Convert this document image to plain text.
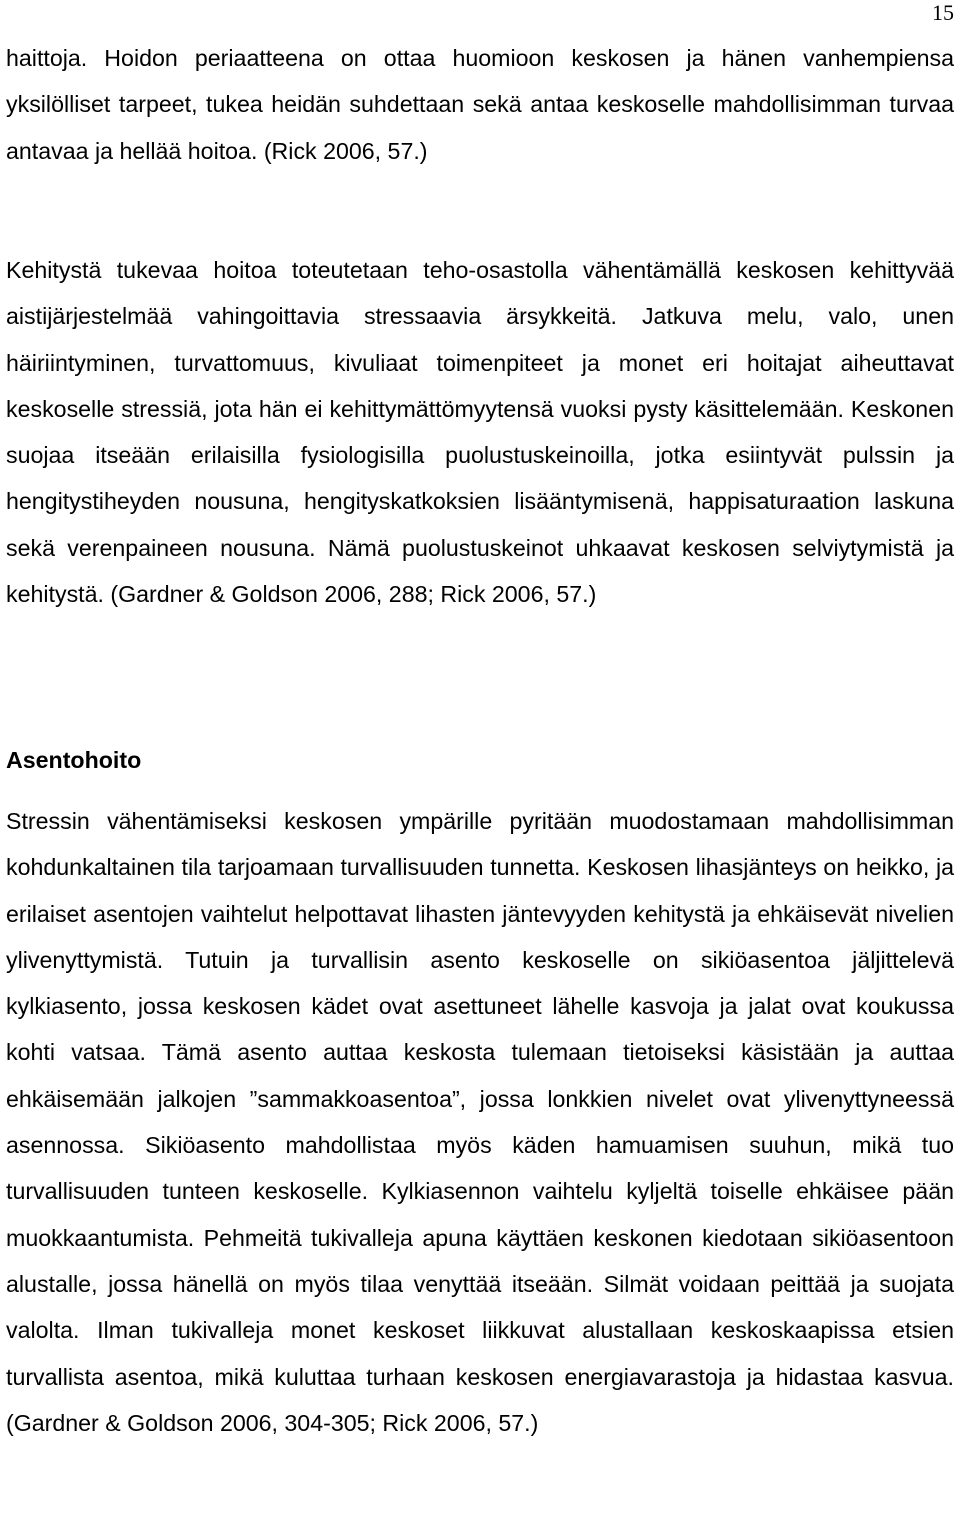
15

haittoja. Hoidon periaatteena on ottaa huomioon keskosen ja hänen vanhempiensa yksilölliset tarpeet, tukea heidän suhdettaan sekä antaa keskoselle mahdollisimman turvaa antavaa ja hellää hoitoa. (Rick 2006, 57.)

Kehitystä tukevaa hoitoa toteutetaan teho-osastolla vähentämällä keskosen kehittyvää aistijärjestelmää vahingoittavia stressaavia ärsykkeitä. Jatkuva melu, valo, unen häiriintyminen, turvattomuus, kivuliaat toimenpiteet ja monet eri hoitajat aiheuttavat keskoselle stressiä, jota hän ei kehittymättömyytensä vuoksi pysty käsittelemään. Keskonen suojaa itseään erilaisilla fysiologisilla puolustuskeinoilla, jotka esiintyvät pulssin ja hengitystiheyden nousuna, hengityskatkoksien lisääntymisenä, happisaturaation laskuna sekä verenpaineen nousuna. Nämä puolustuskeinot uhkaavat keskosen selviytymistä ja kehitystä. (Gardner & Goldson 2006, 288; Rick 2006, 57.)

Asentohoito

Stressin vähentämiseksi keskosen ympärille pyritään muodostamaan mahdollisimman kohdunkaltainen tila tarjoamaan turvallisuuden tunnetta. Keskosen lihasjänteys on heikko, ja erilaiset asentojen vaihtelut helpottavat lihasten jäntevyyden kehitystä ja ehkäisevät nivelien ylivenyttymistä. Tutuin ja turvallisin asento keskoselle on sikiöasentoa jäljittelevä kylkiasento, jossa keskosen kädet ovat asettuneet lähelle kasvoja ja jalat ovat koukussa kohti vatsaa. Tämä asento auttaa keskosta tulemaan tietoiseksi käsistään ja auttaa ehkäisemään jalkojen ”sammakkoasentoa”, jossa lonkkien nivelet ovat ylivenyttyneessä asennossa. Sikiöasento mahdollistaa myös käden hamuamisen suuhun, mikä tuo turvallisuuden tunteen keskoselle. Kylkiasennon vaihtelu kyljeltä toiselle ehkäisee pään muokkaantumista. Pehmeitä tukivalleja apuna käyttäen keskonen kiedotaan sikiöasentoon alustalle, jossa hänellä on myös tilaa venyttää itseään. Silmät voidaan peittää ja suojata valolta. Ilman tukivalleja monet keskoset liikkuvat alustallaan keskoskaapissa etsien turvallista asentoa, mikä kuluttaa turhaan keskosen energiavarastoja ja hidastaa kasvua. (Gardner & Goldson 2006, 304-305; Rick 2006, 57.)
